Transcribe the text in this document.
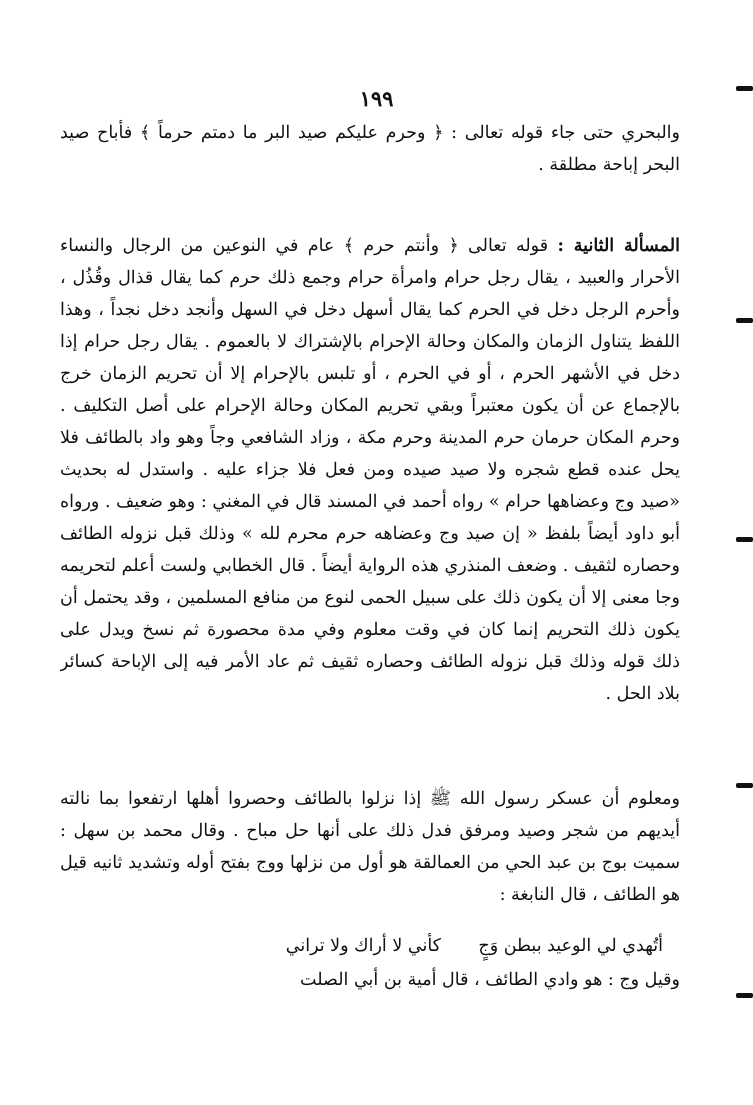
١٩٩
والبحري حتى جاء قوله تعالى : ﴿ وحرم عليكم صيد البر ما دمتم حرماً ﴾ فأباح صيد
البحر إباحة مطلقة .
المسألة الثانية : قوله تعالى ﴿ وأنتم حرم ﴾ عام في النوعين من الرجال والنساء
الأحرار والعبيد ، يقال رجل حرام وامرأة حرام وجمع ذلك حرم كما يقال قذال وقُذُل ،
وأحرم الرجل دخل في الحرم كما يقال أسهل دخل في السهل وأنجد دخل نجداً ، وهذا
اللفظ يتناول الزمان والمكان وحالة الإحرام بالإشتراك لا بالعموم . يقال رجل حرام إذا
دخل في الأشهر الحرم ، أو في الحرم ، أو تلبس بالإحرام إلا أن تحريم الزمان خرج
بالإجماع عن أن يكون معتبراً وبقي تحريم المكان وحالة الإحرام على أصل التكليف .
وحرم المكان حرمان حرم المدينة وحرم مكة ، وزاد الشافعي وجاً وهو واد بالطائف فلا
يحل عنده قطع شجره ولا صيد صيده ومن فعل فلا جزاء عليه . واستدل له بحديث
«صيد وج وعضاهها حرام » رواه أحمد في المسند قال في المغني : وهو ضعيف . ورواه
أبو داود أيضاً بلفظ « إن صيد وج وعضاهه حرم محرم لله » وذلك قبل نزوله الطائف
وحصاره لثقيف . وضعف المنذري هذه الرواية أيضاً . قال الخطابي ولست أعلم لتحريمه
وجا معنى إلا أن يكون ذلك على سبيل الحمى لنوع من منافع المسلمين ، وقد يحتمل أن
يكون ذلك التحريم إنما كان في وقت معلوم وفي مدة محصورة ثم نسخ ويدل على
ذلك قوله وذلك قبل نزوله الطائف وحصاره ثقيف ثم عاد الأمر فيه إلى الإباحة كسائر
بلاد الحل .
ومعلوم أن عسكر رسول الله ﷺ إذا نزلوا بالطائف وحصروا أهلها ارتفعوا بما نالته
أيديهم من شجر وصيد ومرفق فدل ذلك على أنها حل مباح . وقال محمد بن سهل :
سميت بوج بن عبد الحي من العمالقة هو أول من نزلها ووج بفتح أوله وتشديد ثانيه قيل
هو الطائف ، قال النابغة :
أتُهدي لي الوعيد ببطن وَجٍ
كأني لا أراك ولا تراني
وقيل وج : هو وادي الطائف ، قال أمية بن أبي الصلت
